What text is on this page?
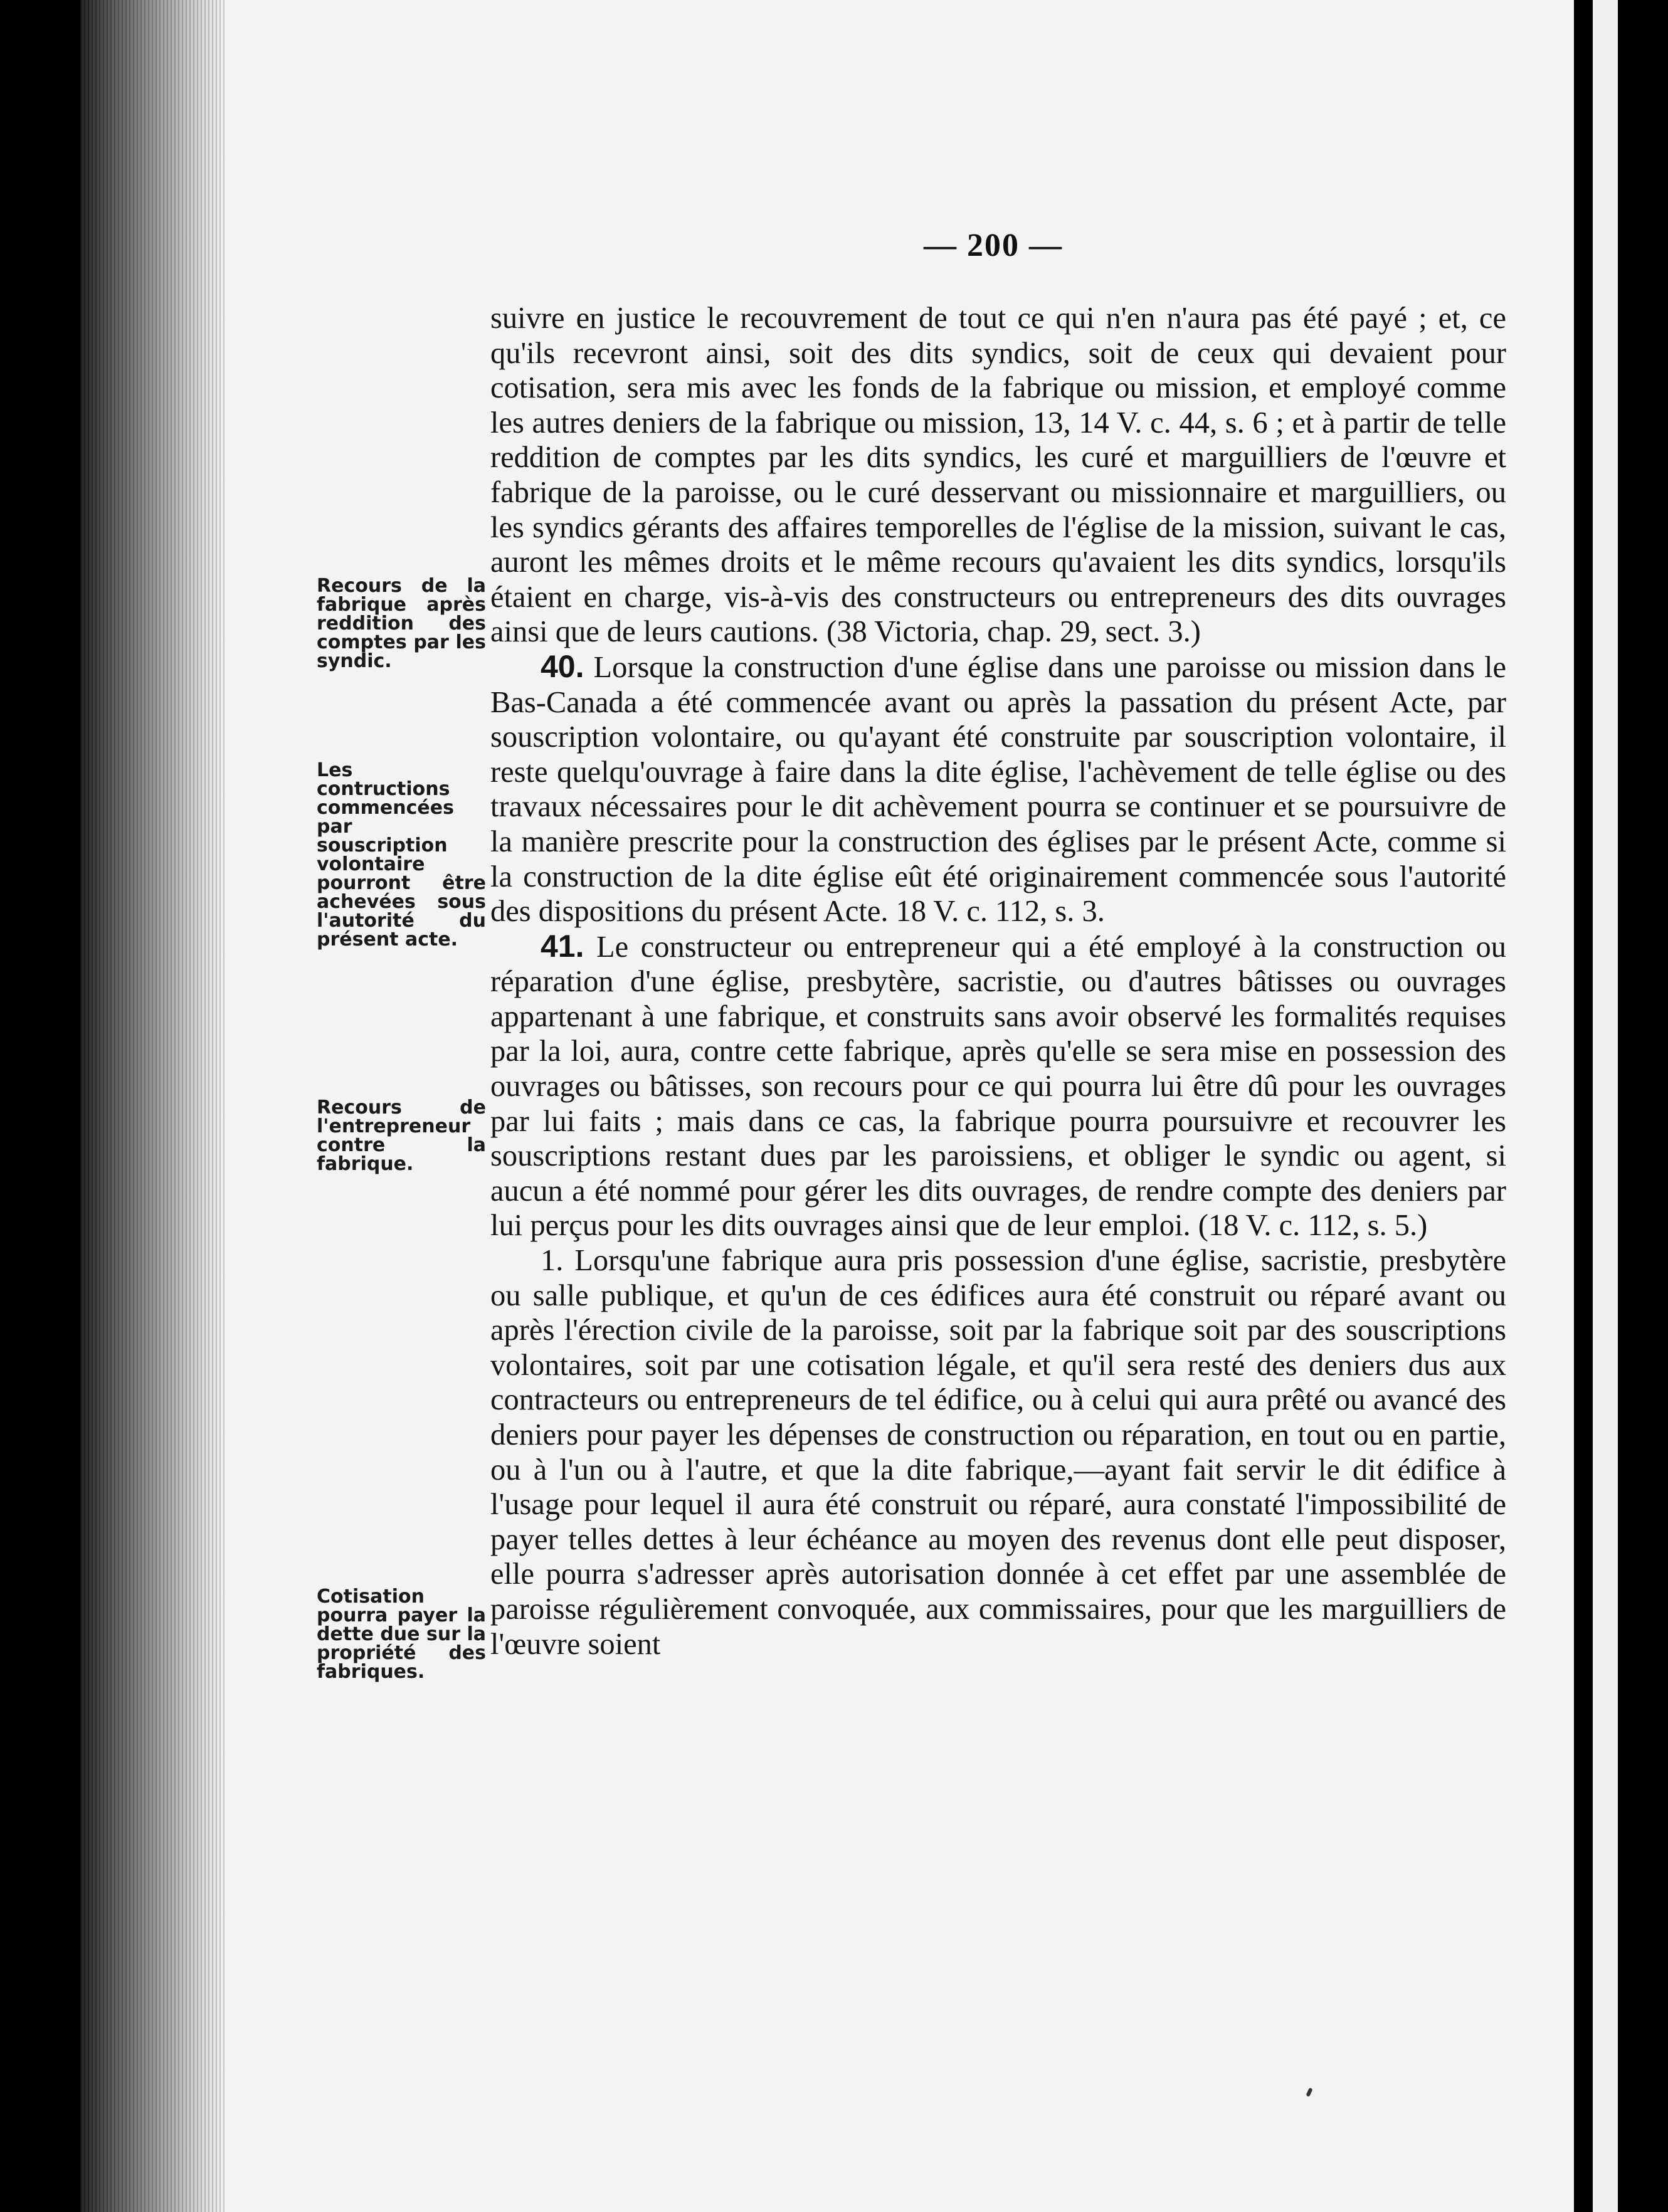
— 200 —
Recours de la fabrique après reddition des comptes par les syndic.
Les contructions commencées par souscription volontaire pourront être achevées sous l'autorité du présent acte.
Recours de l'entrepreneur contre la fabrique.
Cotisation pourra payer la dette due sur la propriété des fabriques.

suivre en justice le recouvrement de tout ce qui n'en n'aura pas été payé ; et, ce qu'ils recevront ainsi, soit des dits syndics, soit de ceux qui devaient pour cotisation, sera mis avec les fonds de la fabrique ou mission, et employé comme les autres deniers de la fabrique ou mission, 13, 14 V. c. 44, s. 6 ; et à partir de telle reddition de comptes par les dits syndics, les curé et marguilliers de l'œuvre et fabrique de la paroisse, ou le curé desservant ou missionnaire et marguilliers, ou les syndics gérants des affaires temporelles de l'église de la mission, suivant le cas, auront les mêmes droits et le même recours qu'avaient les dits syndics, lorsqu'ils étaient en charge, vis-à-vis des constructeurs ou entrepreneurs des dits ouvrages ainsi que de leurs cautions. (38 Victoria, chap. 29, sect. 3.)

40. Lorsque la construction d'une église dans une paroisse ou mission dans le Bas-Canada a été commencée avant ou après la passation du présent Acte, par souscription volontaire, ou qu'ayant été construite par souscription volontaire, il reste quelqu'ouvrage à faire dans la dite église, l'achèvement de telle église ou des travaux nécessaires pour le dit achèvement pourra se continuer et se poursuivre de la manière prescrite pour la construction des églises par le présent Acte, comme si la construction de la dite église eût été originairement commencée sous l'autorité des dispositions du présent Acte. 18 V. c. 112, s. 3.

41. Le constructeur ou entrepreneur qui a été employé à la construction ou réparation d'une église, presbytère, sacristie, ou d'autres bâtisses ou ouvrages appartenant à une fabrique, et construits sans avoir observé les formalités requises par la loi, aura, contre cette fabrique, après qu'elle se sera mise en possession des ouvrages ou bâtisses, son recours pour ce qui pourra lui être dû pour les ouvrages par lui faits ; mais dans ce cas, la fabrique pourra poursuivre et recouvrer les souscriptions restant dues par les paroissiens, et obliger le syndic ou agent, si aucun a été nommé pour gérer les dits ouvrages, de rendre compte des deniers par lui perçus pour les dits ouvrages ainsi que de leur emploi. (18 V. c. 112, s. 5.)

1. Lorsqu'une fabrique aura pris possession d'une église, sacristie, presbytère ou salle publique, et qu'un de ces édifices aura été construit ou réparé avant ou après l'érection civile de la paroisse, soit par la fabrique soit par des souscriptions volontaires, soit par une cotisation légale, et qu'il sera resté des deniers dus aux contracteurs ou entrepreneurs de tel édifice, ou à celui qui aura prêté ou avancé des deniers pour payer les dépenses de construction ou réparation, en tout ou en partie, ou à l'un ou à l'autre, et que la dite fabrique,—ayant fait servir le dit édifice à l'usage pour lequel il aura été construit ou réparé, aura constaté l'impossibilité de payer telles dettes à leur échéance au moyen des revenus dont elle peut disposer, elle pourra s'adresser après autorisation donnée à cet effet par une assemblée de paroisse régulièrement convoquée, aux commissaires, pour que les marguilliers de l'œuvre soient
